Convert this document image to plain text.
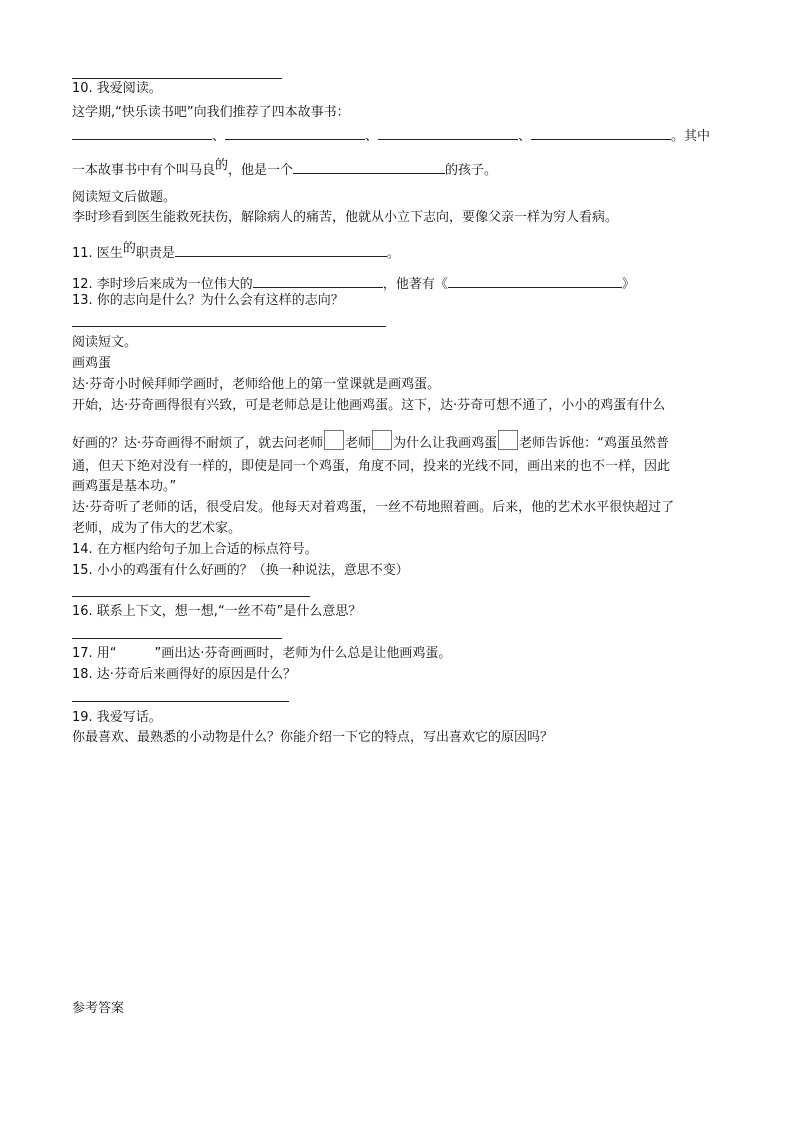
10. 我爱阅读。
这学期,“快乐读书吧”向我们推荐了四本故事书：
、	、	、	。其中
一本故事书中有个叫马良的，他是一个	的孩子。
阅读短文后做题。
李时珍看到医生能救死扶伤，解除病人的痛苦，他就从小立下志向，要像父亲一样为穷人看病。
11. 医生的职责是	。
12. 李时珍后来成为一位伟大的	，他著有《	》
13. 你的志向是什么？为什么会有这样的志向？
阅读短文。
画鸡蛋
达·芬奇小时候拜师学画时，老师给他上的第一堂课就是画鸡蛋。
开始，达·芬奇画得很有兴致，可是老师总是让他画鸡蛋。这下，达·芬奇可想不通了，小小的鸡蛋有什么
好画的？达·芬奇画得不耐烦了，就去问老师 老师 为什么让我画鸡蛋 老师告诉他：“鸡蛋虽然普
通，但天下绝对没有一样的，即使是同一个鸡蛋，角度不同，投来的光线不同，画出来的也不一样，因此
画鸡蛋是基本功。”
达·芬奇听了老师的话，很受启发。他每天对着鸡蛋，一丝不苟地照着画。后来，他的艺术水平很快超过了
老师，成为了伟大的艺术家。
14. 在方框内给句子加上合适的标点符号。
15. 小小的鸡蛋有什么好画的？（换一种说法，意思不变）
16. 联系上下文，想一想,“一丝不苟”是什么意思？
17. 用“	”画出达·芬奇画画时，老师为什么总是让他画鸡蛋。
18. 达·芬奇后来画得好的原因是什么？
19. 我爱写话。
你最喜欢、最熟悉的小动物是什么？你能介绍一下它的特点，写出喜欢它的原因吗？
参考答案
